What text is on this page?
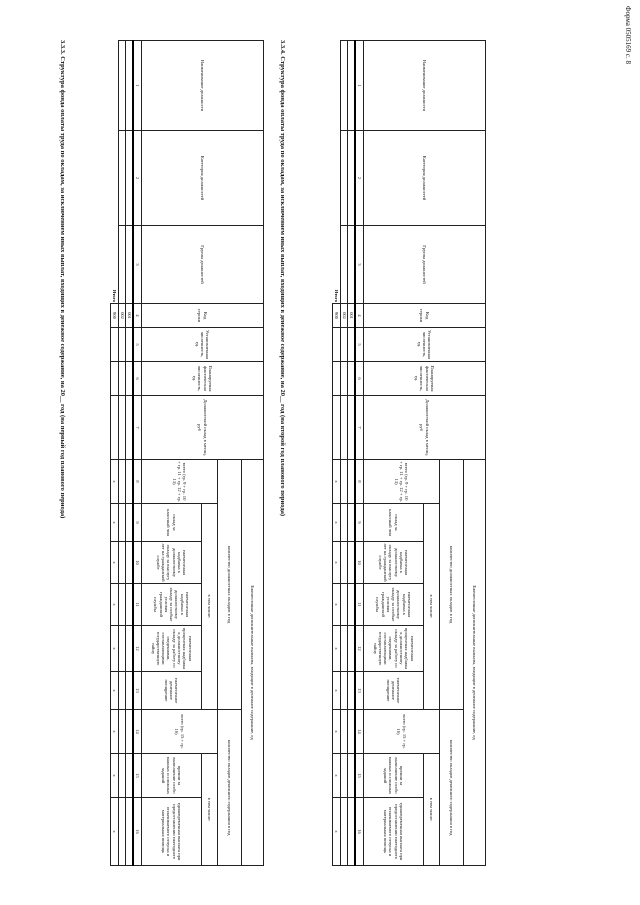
Форма 0505169 с. 8
3.3.3. Структура фонда оплаты труда по окладам, за исключением иных выплат, входящих в денежное содержание, на 20__ год (на первый год планового периода)	Наименование должности	Категория должностей	Группа должностей	Код строки	Установленная численность, ед.	Планируемая фактическая численность, ед.	Должностной оклад в месяц, руб	Ежемесячные дополнительные выплаты, входящие в денежное содержание, ед								
							количество должностных окладов в год						количество окладов денежного содержания в год		
							всего (гр. 9 + гр. 10 + гр. 11 + гр. 12 + гр. 13)	в том числе:					всего (гр. 15 + гр. 16)	в том числе:	
								оклад за классный чин	ежемесячная надбавка к должностному окладу за выслугу лет на гражданской службе	ежемесячная надбавка к должностному окладу за особые условия гражданской службы	ежемесячная процентная надбавка к должностному окладу за работу со сведениями, составляющими государственную тайну	ежемесячное денежное поощрение		премии за выполнение особо важных и сложных заданий	единовременная выплата при предоставлении ежегодного оплачиваемого отпуска и материальная помощь
1	2	3	4	5	6	7	8	9	10	11	12	13	14	15	16
			001												
			002												
Итого			900				x	x	x	x	x	x	x	x	x
3.3.4. Структура фонда оплаты труда по окладам, за исключением иных выплат, входящих в денежное содержание, на 20__ год (на второй год планового периода)	Наименование должности	Категория должностей	Группа должностей	Код строки	Установленная численность, ед.	Планируемая фактическая численность, ед.	Должностной оклад в месяц, руб	Ежемесячные дополнительные выплаты, входящие в денежное содержание, ед								
							количество должностных окладов в год						количество окладов денежного содержания в год		
							всего (гр. 9 + гр. 10 + гр. 11 + гр. 12 + гр. 13)	в том числе:					всего (гр. 15 + гр. 16)	в том числе:	
								оклад за классный чин	ежемесячная надбавка к должностному окладу за выслугу лет на гражданской службе	ежемесячная надбавка к должностному окладу за особые условия гражданской службы	ежемесячная процентная надбавка к должностному окладу за работу со сведениями, составляющими государственную тайну	ежемесячное денежное поощрение		премии за выполнение особо важных и сложных заданий	единовременная выплата при предоставлении ежегодного оплачиваемого отпуска и материальная помощь
1	2	3	4	5	6	7	8	9	10	11	12	13	14	15	16
			001												
			002												
Итого			900				x	x	x	x	x	x	x	x	x
